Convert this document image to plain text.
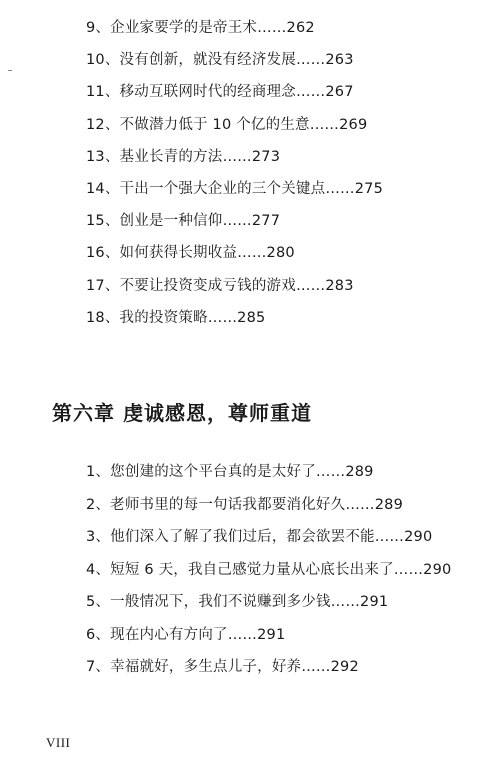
9、企业家要学的是帝王术……262
10、没有创新，就没有经济发展……263
11、移动互联网时代的经商理念……267
12、不做潜力低于 10 个亿的生意……269
13、基业长青的方法……273
14、干出一个强大企业的三个关键点……275
15、创业是一种信仰……277
16、如何获得长期收益……280
17、不要让投资变成亏钱的游戏……283
18、我的投资策略……285
第六章 虔诚感恩，尊师重道
1、您创建的这个平台真的是太好了……289
2、老师书里的每一句话我都要消化好久……289
3、他们深入了解了我们过后，都会欲罢不能……290
4、短短 6 天，我自己感觉力量从心底长出来了……290
5、一般情况下，我们不说赚到多少钱……291
6、现在内心有方向了……291
7、幸福就好，多生点儿子，好养……292
VIII
